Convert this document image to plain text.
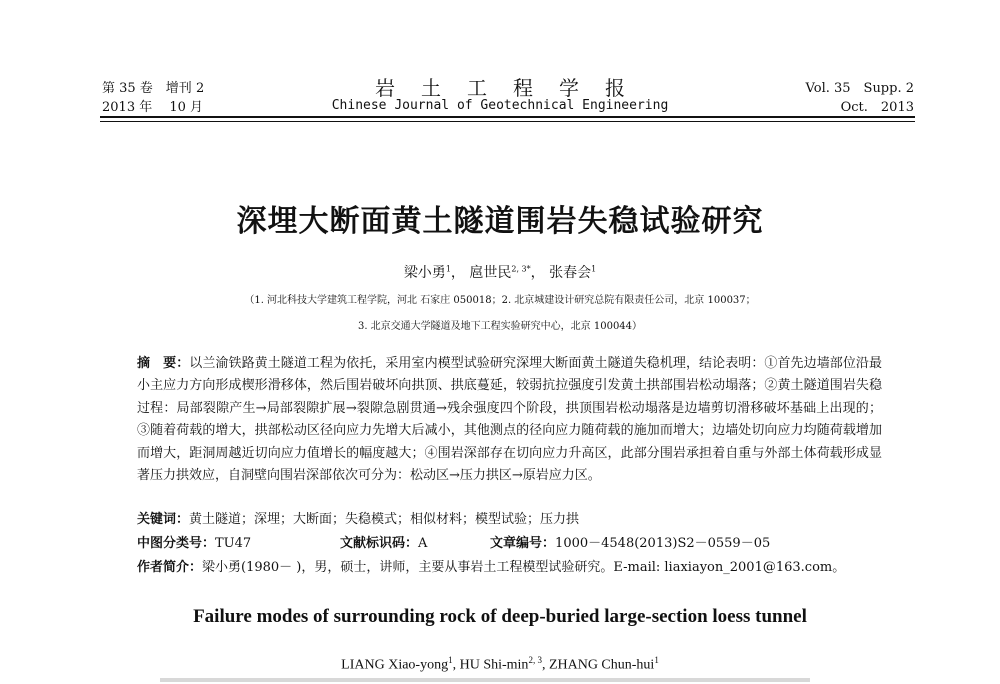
第 35 卷　增刊 2
2013 年　 10 月
岩土工程学报
Chinese Journal of Geotechnical Engineering
Vol. 35　Supp. 2
Oct.　2013
深埋大断面黄土隧道围岩失稳试验研究
梁小勇$^1$， 扈世民$^{2, 3*}$， 张春会$^1$
（1. 河北科技大学建筑工程学院，河北 石家庄 050018；2. 北京城建设计研究总院有限责任公司，北京 100037；
3. 北京交通大学隧道及地下工程实验研究中心，北京 100044）
摘　要：以兰渝铁路黄土隧道工程为依托，采用室内模型试验研究深埋大断面黄土隧道失稳机理，结论表明：①首先边墙部位沿最小主应力方向形成楔形滑移体，然后围岩破坏向拱顶、拱底蔓延，较弱抗拉强度引发黄土拱部围岩松动塌落；②黄土隧道围岩失稳过程：局部裂隙产生→局部裂隙扩展→裂隙急剧贯通→残余强度四个阶段，拱顶围岩松动塌落是边墙剪切滑移破坏基础上出现的；③随着荷载的增大，拱部松动区径向应力先增大后减小，其他测点的径向应力随荷载的施加而增大；边墙处切向应力均随荷载增加而增大，距洞周越近切向应力值增长的幅度越大；④围岩深部存在切向应力升高区，此部分围岩承担着自重与外部土体荷载形成显著压力拱效应，自洞壁向围岩深部依次可分为：松动区→压力拱区→原岩应力区。
关键词：黄土隧道；深埋；大断面；失稳模式；相似材料；模型试验；压力拱
中图分类号：TU47	文献标识码：A	文章编号：1000－4548(2013)S2－0559－05
作者简介：梁小勇(1980－ )，男，硕士，讲师，主要从事岩土工程模型试验研究。E-mail: liaxiayon_2001@163.com。
Failure modes of surrounding rock of deep-buried large-section loess tunnel
LIANG Xiao-yong$^1$, HU Shi-$\min^{2, 3}$, ZHANG Chun-hui$^1$
